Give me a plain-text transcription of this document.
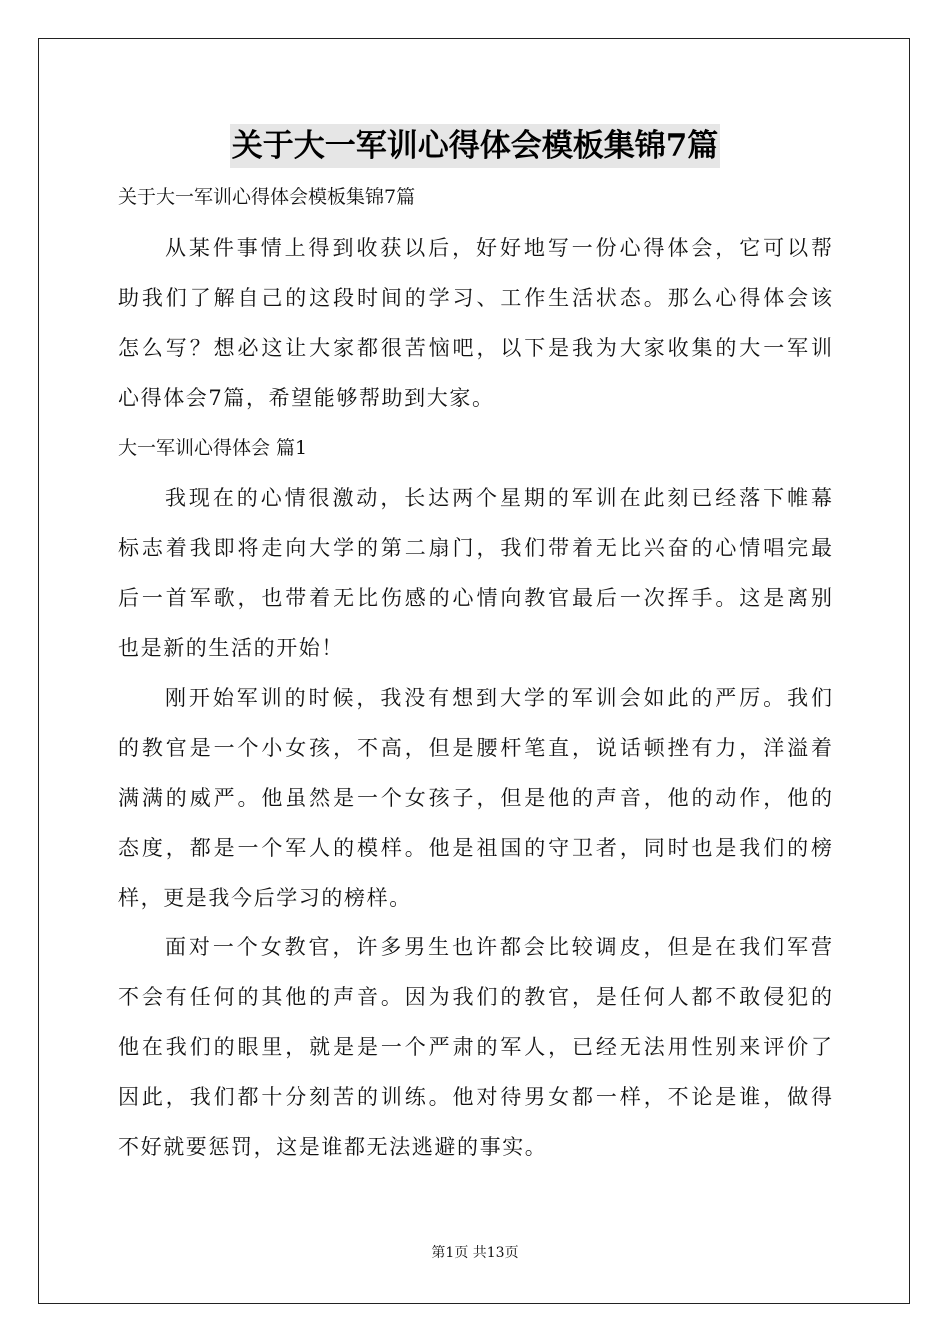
关于大一军训心得体会模板集锦7篇
关于大一军训心得体会模板集锦7篇
从某件事情上得到收获以后，好好地写一份心得体会，它可以帮
助我们了解自己的这段时间的学习、工作生活状态。那么心得体会该
怎么写？想必这让大家都很苦恼吧，以下是我为大家收集的大一军训
心得体会7篇，希望能够帮助到大家。
大一军训心得体会 篇1
我现在的心情很激动，长达两个星期的军训在此刻已经落下帷幕
标志着我即将走向大学的第二扇门，我们带着无比兴奋的心情唱完最
后一首军歌，也带着无比伤感的心情向教官最后一次挥手。这是离别
也是新的生活的开始！
刚开始军训的时候，我没有想到大学的军训会如此的严厉。我们
的教官是一个小女孩，不高，但是腰杆笔直，说话顿挫有力，洋溢着
满满的威严。他虽然是一个女孩子，但是他的声音，他的动作，他的
态度，都是一个军人的模样。他是祖国的守卫者，同时也是我们的榜
样，更是我今后学习的榜样。
面对一个女教官，许多男生也许都会比较调皮，但是在我们军营
不会有任何的其他的声音。因为我们的教官，是任何人都不敢侵犯的
他在我们的眼里，就是是一个严肃的军人，已经无法用性别来评价了
因此，我们都十分刻苦的训练。他对待男女都一样，不论是谁，做得
不好就要惩罚，这是谁都无法逃避的事实。
第1页 共13页
